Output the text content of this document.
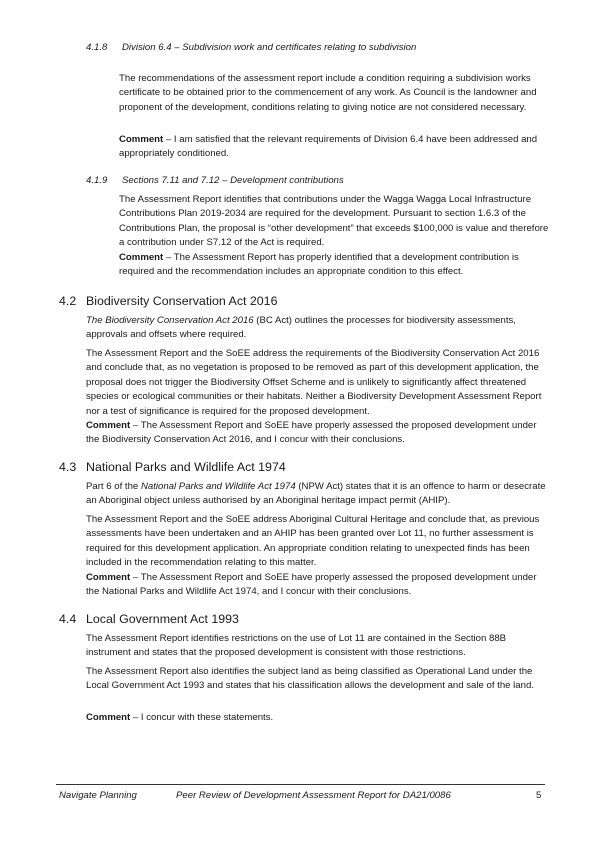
4.1.8 Division 6.4 – Subdivision work and certificates relating to subdivision

The recommendations of the assessment report include a condition requiring a subdivision works certificate to be obtained prior to the commencement of any work. As Council is the landowner and proponent of the development, conditions relating to giving notice are not considered necessary.

Comment – I am satisfied that the relevant requirements of Division 6.4 have been addressed and appropriately conditioned.

4.1.9 Sections 7.11 and 7.12 – Development contributions

The Assessment Report identifies that contributions under the Wagga Wagga Local Infrastructure Contributions Plan 2019-2034 are required for the development. Pursuant to section 1.6.3 of the Contributions Plan, the proposal is “other development” that exceeds $100,000 is value and therefore a contribution under S7.12 of the Act is required.

Comment – The Assessment Report has properly identified that a development contribution is required and the recommendation includes an appropriate condition to this effect.

4.2 Biodiversity Conservation Act 2016

The Biodiversity Conservation Act 2016 (BC Act) outlines the processes for biodiversity assessments, approvals and offsets where required.

The Assessment Report and the SoEE address the requirements of the Biodiversity Conservation Act 2016 and conclude that, as no vegetation is proposed to be removed as part of this development application, the proposal does not trigger the Biodiversity Offset Scheme and is unlikely to significantly affect threatened species or ecological communities or their habitats. Neither a Biodiversity Development Assessment Report nor a test of significance is required for the proposed development.

Comment – The Assessment Report and SoEE have properly assessed the proposed development under the Biodiversity Conservation Act 2016, and I concur with their conclusions.

4.3 National Parks and Wildlife Act 1974

Part 6 of the National Parks and Wildlife Act 1974 (NPW Act) states that it is an offence to harm or desecrate an Aboriginal object unless authorised by an Aboriginal heritage impact permit (AHIP).

The Assessment Report and the SoEE address Aboriginal Cultural Heritage and conclude that, as previous assessments have been undertaken and an AHIP has been granted over Lot 11, no further assessment is required for this development application. An appropriate condition relating to unexpected finds has been included in the recommendation relating to this matter.

Comment – The Assessment Report and SoEE have properly assessed the proposed development under the National Parks and Wildlife Act 1974, and I concur with their conclusions.

4.4 Local Government Act 1993

The Assessment Report identifies restrictions on the use of Lot 11 are contained in the Section 88B instrument and states that the proposed development is consistent with those restrictions.

The Assessment Report also identifies the subject land as being classified as Operational Land under the Local Government Act 1993 and states that his classification allows the development and sale of the land.

Comment – I concur with these statements.

Navigate Planning	Peer Review of Development Assessment Report for DA21/0086	5
